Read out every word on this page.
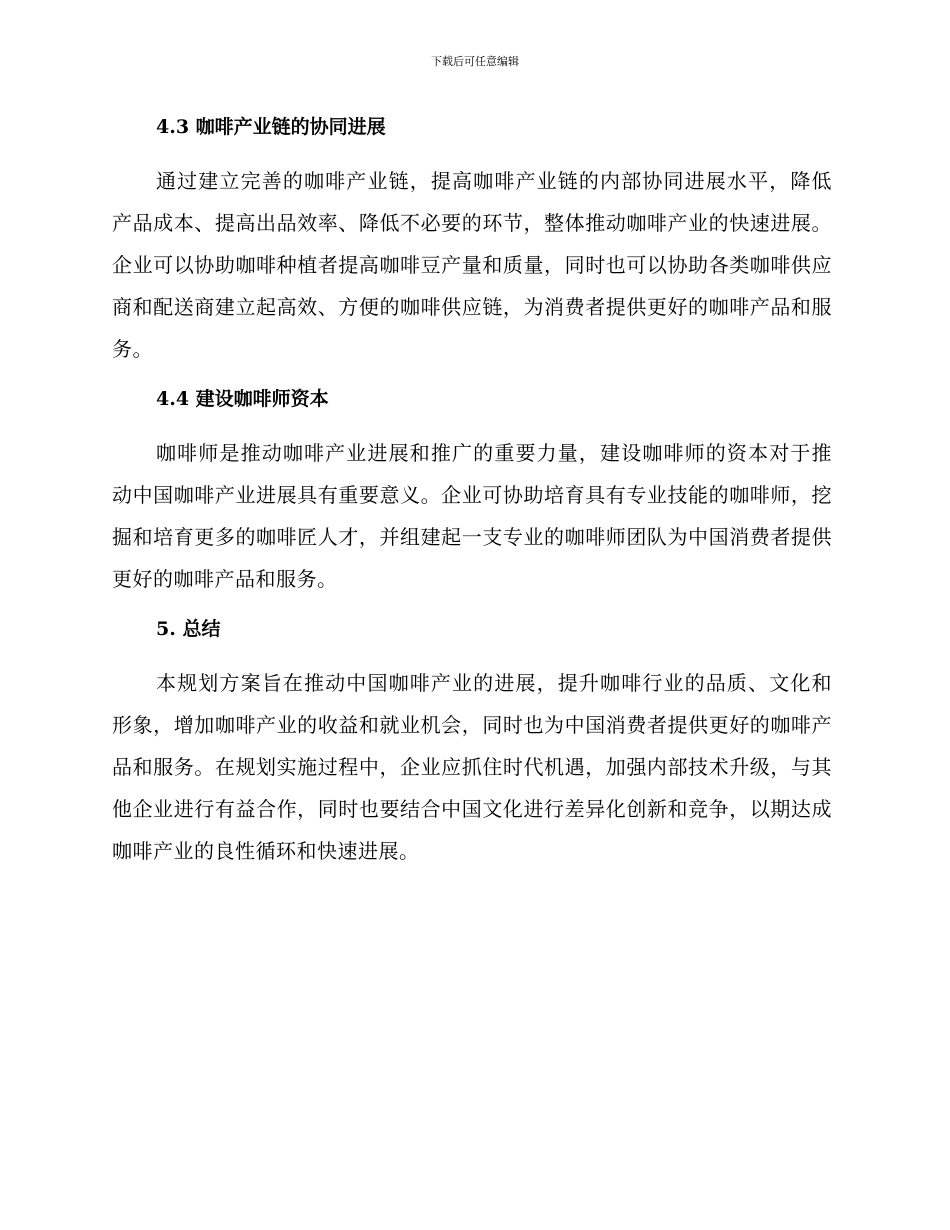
下载后可任意编辑
4.3 咖啡产业链的协同进展

通过建立完善的咖啡产业链，提高咖啡产业链的内部协同进展水平，降低产品成本、提高出品效率、降低不必要的环节，整体推动咖啡产业的快速进展。企业可以协助咖啡种植者提高咖啡豆产量和质量，同时也可以协助各类咖啡供应商和配送商建立起高效、方便的咖啡供应链，为消费者提供更好的咖啡产品和服务。

4.4 建设咖啡师资本

咖啡师是推动咖啡产业进展和推广的重要力量，建设咖啡师的资本对于推动中国咖啡产业进展具有重要意义。企业可协助培育具有专业技能的咖啡师，挖掘和培育更多的咖啡匠人才，并组建起一支专业的咖啡师团队为中国消费者提供更好的咖啡产品和服务。

5. 总结

本规划方案旨在推动中国咖啡产业的进展，提升咖啡行业的品质、文化和形象，增加咖啡产业的收益和就业机会，同时也为中国消费者提供更好的咖啡产品和服务。在规划实施过程中，企业应抓住时代机遇，加强内部技术升级，与其他企业进行有益合作，同时也要结合中国文化进行差异化创新和竞争，以期达成咖啡产业的良性循环和快速进展。
